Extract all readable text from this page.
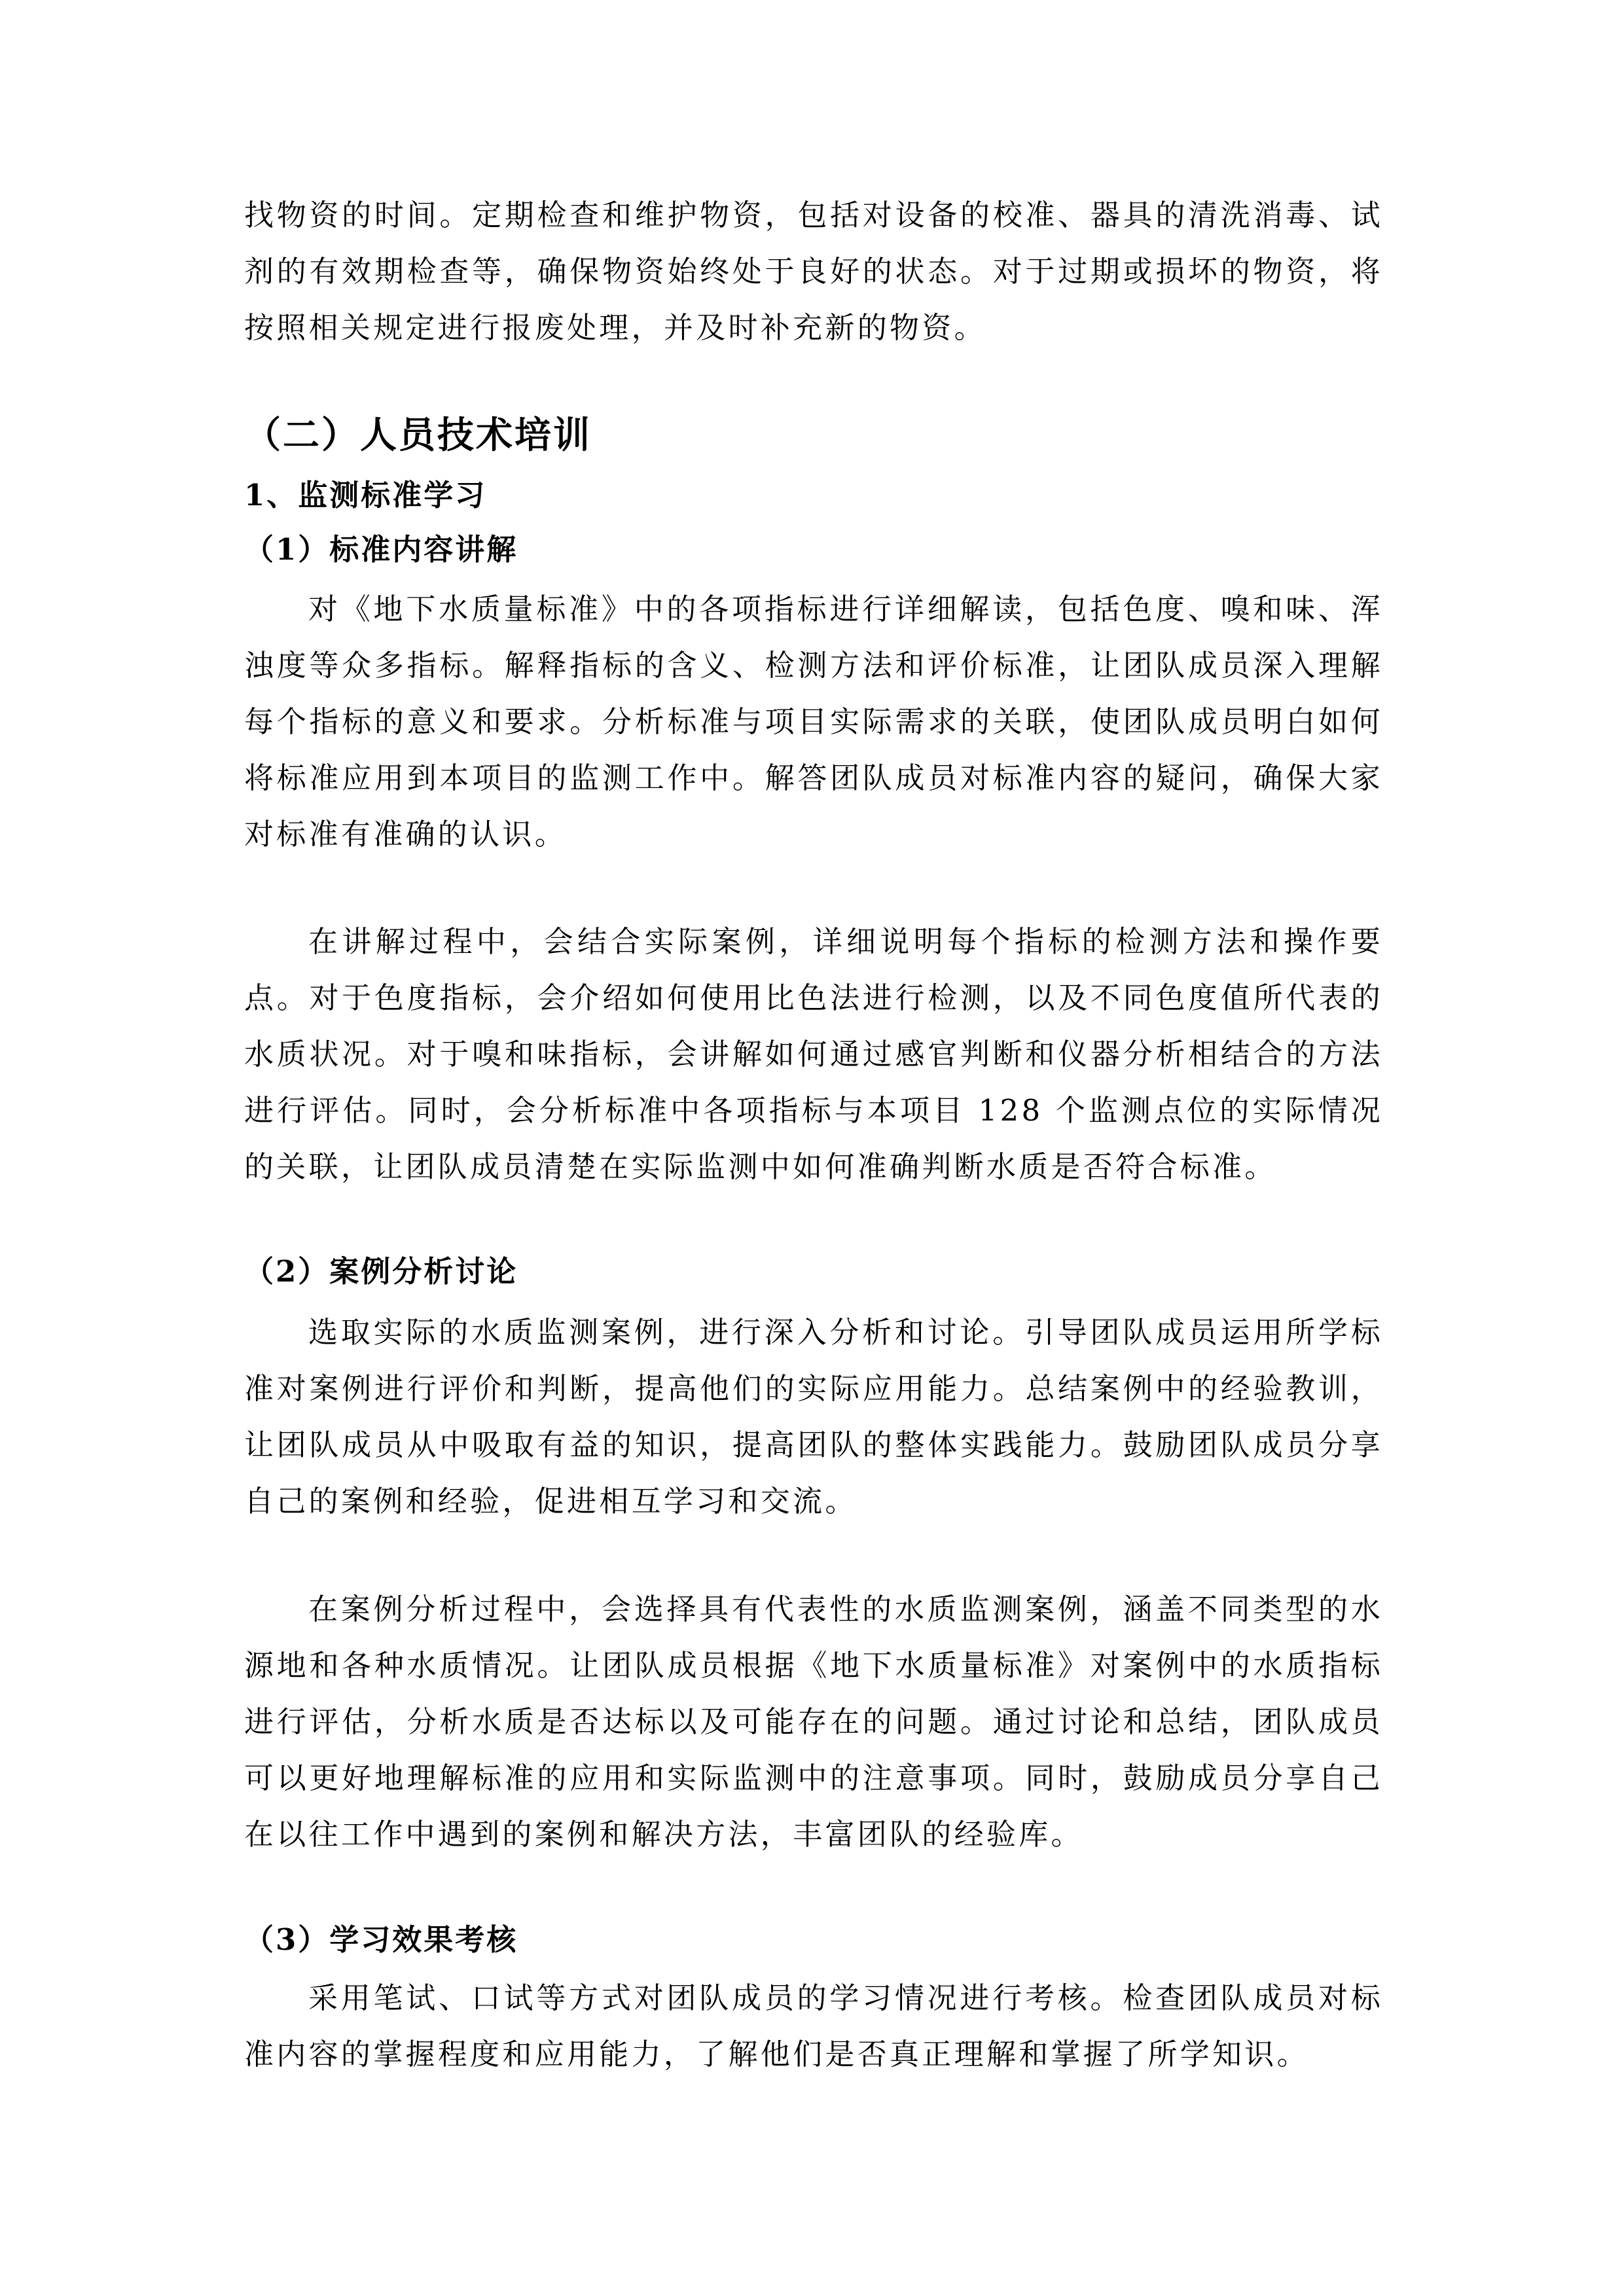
找物资的时间。定期检查和维护物资，包括对设备的校准、器具的清洗消毒、试剂的有效期检查等，确保物资始终处于良好的状态。对于过期或损坏的物资，将按照相关规定进行报废处理，并及时补充新的物资。

（二）人员技术培训
1、监测标准学习
（1）标准内容讲解

对《地下水质量标准》中的各项指标进行详细解读，包括色度、嗅和味、浑浊度等众多指标。解释指标的含义、检测方法和评价标准，让团队成员深入理解每个指标的意义和要求。分析标准与项目实际需求的关联，使团队成员明白如何将标准应用到本项目的监测工作中。解答团队成员对标准内容的疑问，确保大家对标准有准确的认识。

在讲解过程中，会结合实际案例，详细说明每个指标的检测方法和操作要点。对于色度指标，会介绍如何使用比色法进行检测，以及不同色度值所代表的水质状况。对于嗅和味指标，会讲解如何通过感官判断和仪器分析相结合的方法进行评估。同时，会分析标准中各项指标与本项目 128 个监测点位的实际情况的关联，让团队成员清楚在实际监测中如何准确判断水质是否符合标准。

（2）案例分析讨论

选取实际的水质监测案例，进行深入分析和讨论。引导团队成员运用所学标准对案例进行评价和判断，提高他们的实际应用能力。总结案例中的经验教训，让团队成员从中吸取有益的知识，提高团队的整体实践能力。鼓励团队成员分享自己的案例和经验，促进相互学习和交流。

在案例分析过程中，会选择具有代表性的水质监测案例，涵盖不同类型的水源地和各种水质情况。让团队成员根据《地下水质量标准》对案例中的水质指标进行评估，分析水质是否达标以及可能存在的问题。通过讨论和总结，团队成员可以更好地理解标准的应用和实际监测中的注意事项。同时，鼓励成员分享自己在以往工作中遇到的案例和解决方法，丰富团队的经验库。

（3）学习效果考核

采用笔试、口试等方式对团队成员的学习情况进行考核。检查团队成员对标准内容的掌握程度和应用能力，了解他们是否真正理解和掌握了所学知识。
